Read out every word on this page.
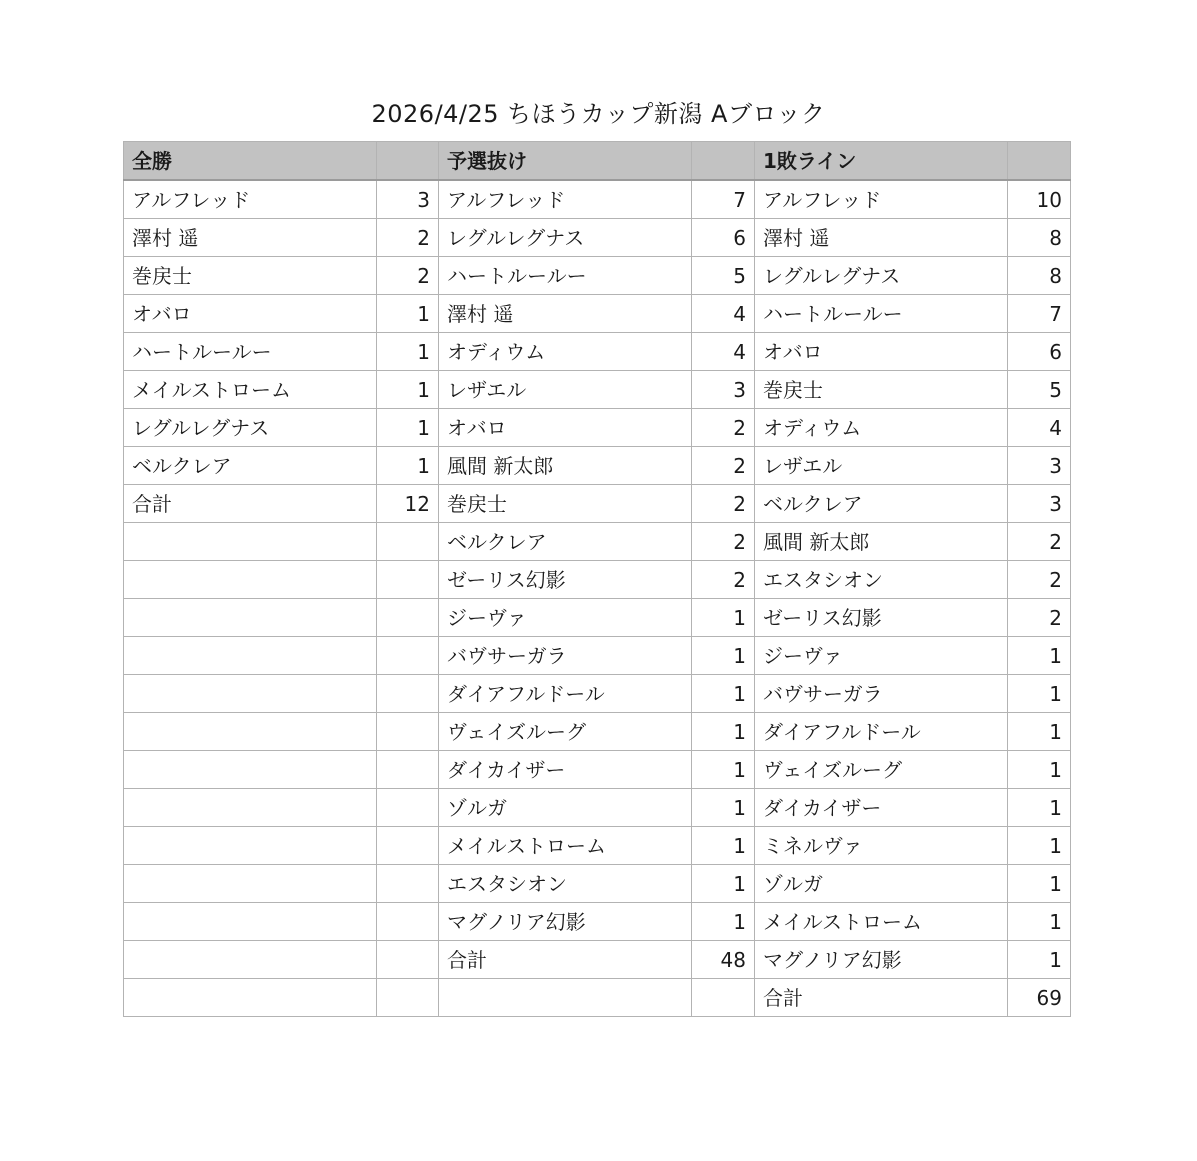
2026/4/25 ちほうカップ新潟 Aブロック
全勝		予選抜け		1敗ライン	
アルフレッド	3	アルフレッド	7	アルフレッド	10
澤村 遥	2	レグルレグナス	6	澤村 遥	8
巻戻士	2	ハートルールー	5	レグルレグナス	8
オバロ	1	澤村 遥	4	ハートルールー	7
ハートルールー	1	オディウム	4	オバロ	6
メイルストローム	1	レザエル	3	巻戻士	5
レグルレグナス	1	オバロ	2	オディウム	4
ベルクレア	1	風間 新太郎	2	レザエル	3
合計	12	巻戻士	2	ベルクレア	3
		ベルクレア	2	風間 新太郎	2
		ゼーリス幻影	2	エスタシオン	2
		ジーヴァ	1	ゼーリス幻影	2
		バヴサーガラ	1	ジーヴァ	1
		ダイアフルドール	1	バヴサーガラ	1
		ヴェイズルーグ	1	ダイアフルドール	1
		ダイカイザー	1	ヴェイズルーグ	1
		ゾルガ	1	ダイカイザー	1
		メイルストローム	1	ミネルヴァ	1
		エスタシオン	1	ゾルガ	1
		マグノリア幻影	1	メイルストローム	1
		合計	48	マグノリア幻影	1
				合計	69
